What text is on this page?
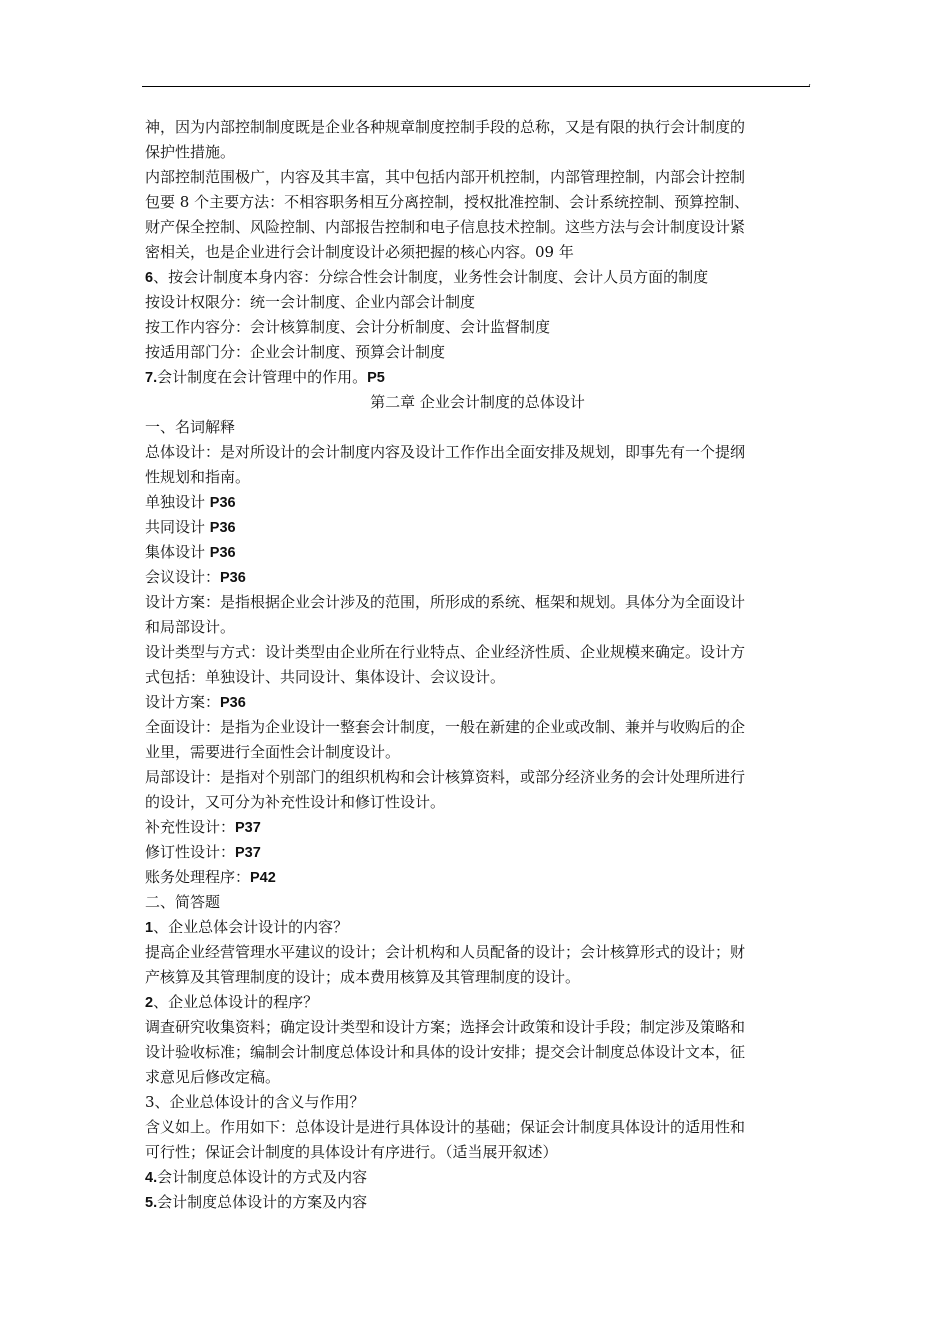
,
神，因为内部控制制度既是企业各种规章制度控制手段的总称，又是有限的执行会计制度的
保护性措施。
内部控制范围极广，内容及其丰富，其中包括内部开机控制，内部管理控制，内部会计控制
包要 8 个主要方法：不相容职务相互分离控制，授权批准控制、会计系统控制、预算控制、
财产保全控制、风险控制、内部报告控制和电子信息技术控制。这些方法与会计制度设计紧
密相关，也是企业进行会计制度设计必须把握的核心内容。09 年
6、按会计制度本身内容：分综合性会计制度，业务性会计制度、会计人员方面的制度
按设计权限分：统一会计制度、企业内部会计制度
按工作内容分：会计核算制度、会计分析制度、会计监督制度
按适用部门分：企业会计制度、预算会计制度
7.会计制度在会计管理中的作用。P5
第二章 企业会计制度的总体设计
一、名词解释
总体设计：是对所设计的会计制度内容及设计工作作出全面安排及规划，即事先有一个提纲
性规划和指南。
单独设计 P36
共同设计 P36
集体设计 P36
会议设计：P36
设计方案：是指根据企业会计涉及的范围，所形成的系统、框架和规划。具体分为全面设计
和局部设计。
设计类型与方式：设计类型由企业所在行业特点、企业经济性质、企业规模来确定。设计方
式包括：单独设计、共同设计、集体设计、会议设计。
设计方案：P36
全面设计：是指为企业设计一整套会计制度，一般在新建的企业或改制、兼并与收购后的企
业里，需要进行全面性会计制度设计。
局部设计：是指对个别部门的组织机构和会计核算资料，或部分经济业务的会计处理所进行
的设计，又可分为补充性设计和修订性设计。
补充性设计：P37
修订性设计：P37
账务处理程序：P42
二、简答题
1、企业总体会计设计的内容？
提高企业经营管理水平建议的设计；会计机构和人员配备的设计；会计核算形式的设计；财
产核算及其管理制度的设计；成本费用核算及其管理制度的设计。
2、企业总体设计的程序？
调查研究收集资料；确定设计类型和设计方案；选择会计政策和设计手段；制定涉及策略和
设计验收标准；编制会计制度总体设计和具体的设计安排；提交会计制度总体设计文本，征
求意见后修改定稿。
3、企业总体设计的含义与作用？
含义如上。作用如下：总体设计是进行具体设计的基础；保证会计制度具体设计的适用性和
可行性；保证会计制度的具体设计有序进行。（适当展开叙述）
4.会计制度总体设计的方式及内容
5.会计制度总体设计的方案及内容
